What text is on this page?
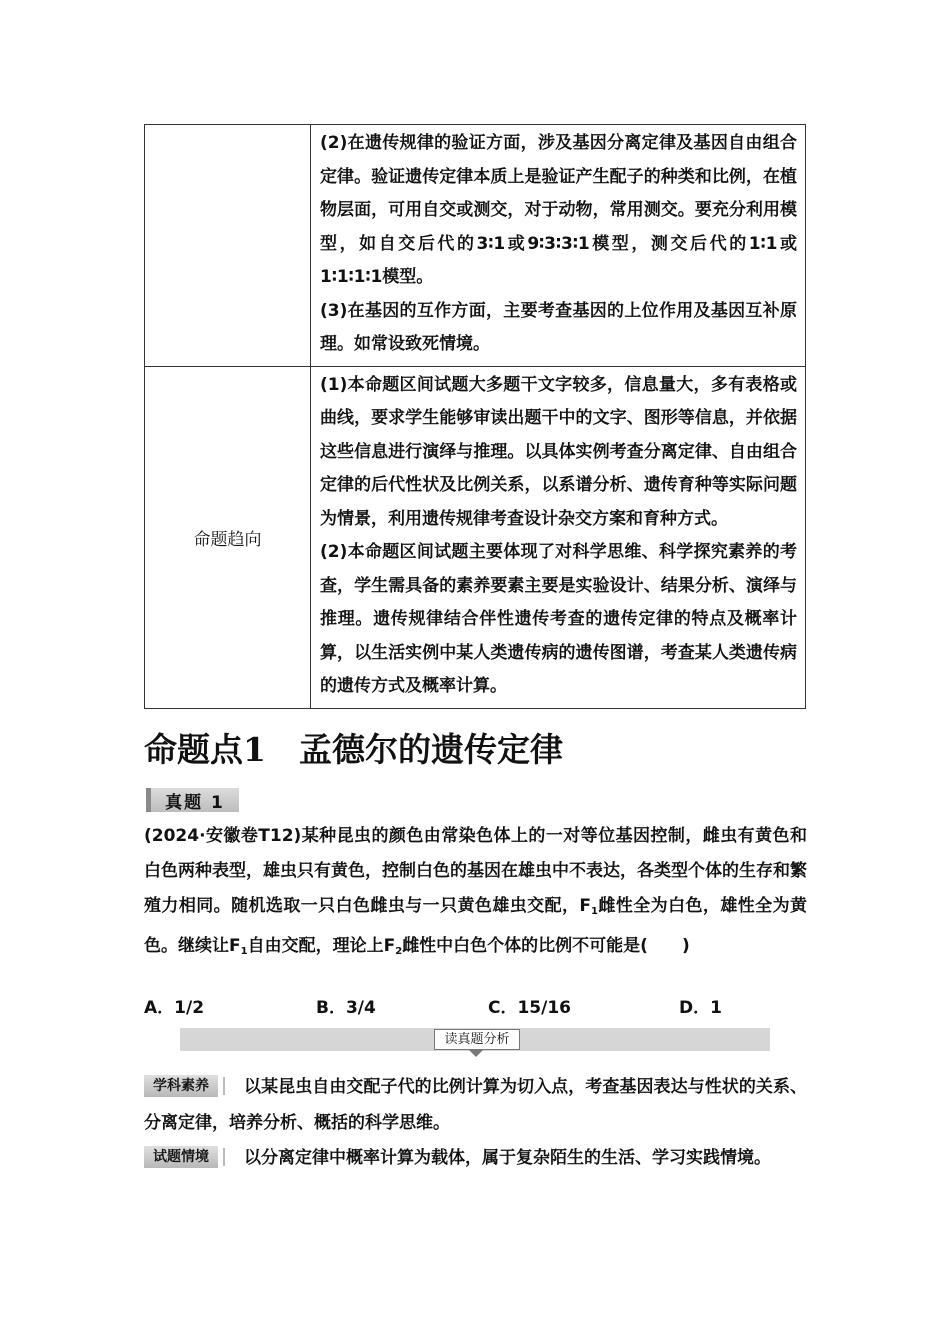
	(2)在遗传规律的验证方面，涉及基因分离定律及基因自由组合定律。验证遗传定律本质上是验证产生配子的种类和比例，在植物层面，可用自交或测交，对于动物，常用测交。要充分利用模型，如自交后代的3∶1或9∶3∶3∶1模型，测交后代的1∶1或1∶1∶1∶1模型。

(3)在基因的互作方面，主要考查基因的上位作用及基因互补原理。如常设致死情境。

命题趋向	(1)本命题区间试题大多题干文字较多，信息量大，多有表格或曲线，要求学生能够审读出题干中的文字、图形等信息，并依据这些信息进行演绎与推理。以具体实例考查分离定律、自由组合定律的后代性状及比例关系，以系谱分析、遗传育种等实际问题为情景，利用遗传规律考查设计杂交方案和育种方式。

(2)本命题区间试题主要体现了对科学思维、科学探究素养的考查，学生需具备的素养要素主要是实验设计、结果分析、演绎与推理。遗传规律结合伴性遗传考查的遗传定律的特点及概率计算，以生活实例中某人类遗传病的遗传图谱，考查某人类遗传病的遗传方式及概率计算。

命题点1　孟德尔的遗传定律
真题 1

(2024·安徽卷T12)某种昆虫的颜色由常染色体上的一对等位基因控制，雌虫有黄色和白色两种表型，雄虫只有黄色，控制白色的基因在雄虫中不表达，各类型个体的生存和繁殖力相同。随机选取一只白色雌虫与一只黄色雄虫交配，$F_1$雌性全为白色，雄性全为黄色。继续让$F_1$自由交配，理论上$F_2$雌性中白色个体的比例不可能是(　　)

A．1/2	B．3/4	C．15/16	D．1
读真题分析

学科素养 以某昆虫自由交配子代的比例计算为切入点，考查基因表达与性状的关系、分离定律，培养分析、概括的科学思维。

试题情境 以分离定律中概率计算为载体，属于复杂陌生的生活、学习实践情境。
